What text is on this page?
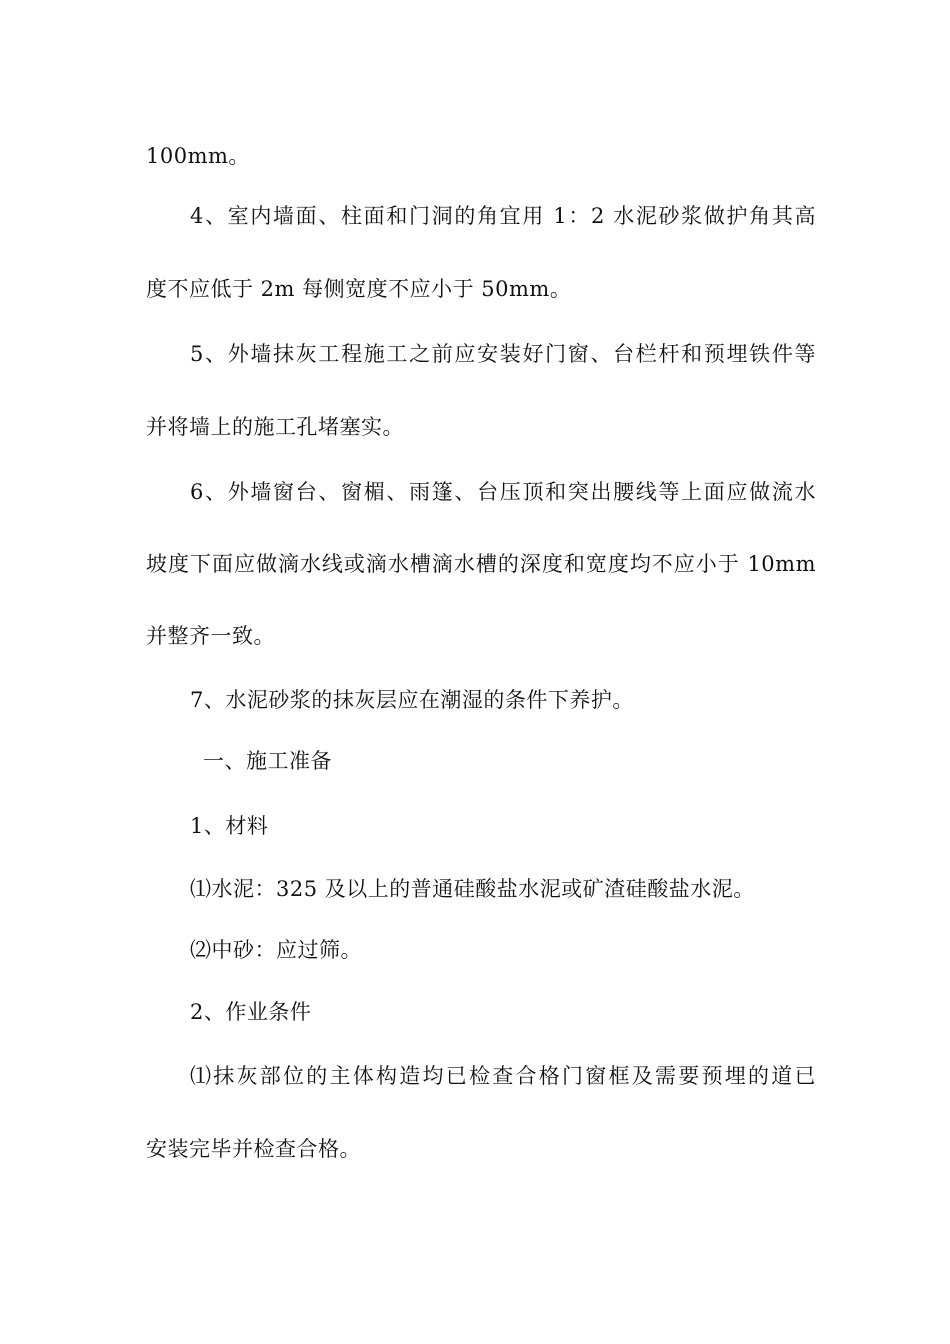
100mm。
4、室内墙面、柱面和门洞的角宜用 1：2 水泥砂浆做护角其高
度不应低于 2m 每侧宽度不应小于 50mm。
5、外墙抹灰工程施工之前应安装好门窗、台栏杆和预埋铁件等
并将墙上的施工孔堵塞实。
6、外墙窗台、窗楣、雨篷、台压顶和突出腰线等上面应做流水
坡度下面应做滴水线或滴水槽滴水槽的深度和宽度均不应小于 10mm
并整齐一致。
7、水泥砂浆的抹灰层应在潮湿的条件下养护。
一、施工准备
1、材料
⑴水泥：325 及以上的普通硅酸盐水泥或矿渣硅酸盐水泥。
⑵中砂：应过筛。
2、作业条件
⑴抹灰部位的主体构造均已检查合格门窗框及需要预埋的道已
安装完毕并检查合格。
